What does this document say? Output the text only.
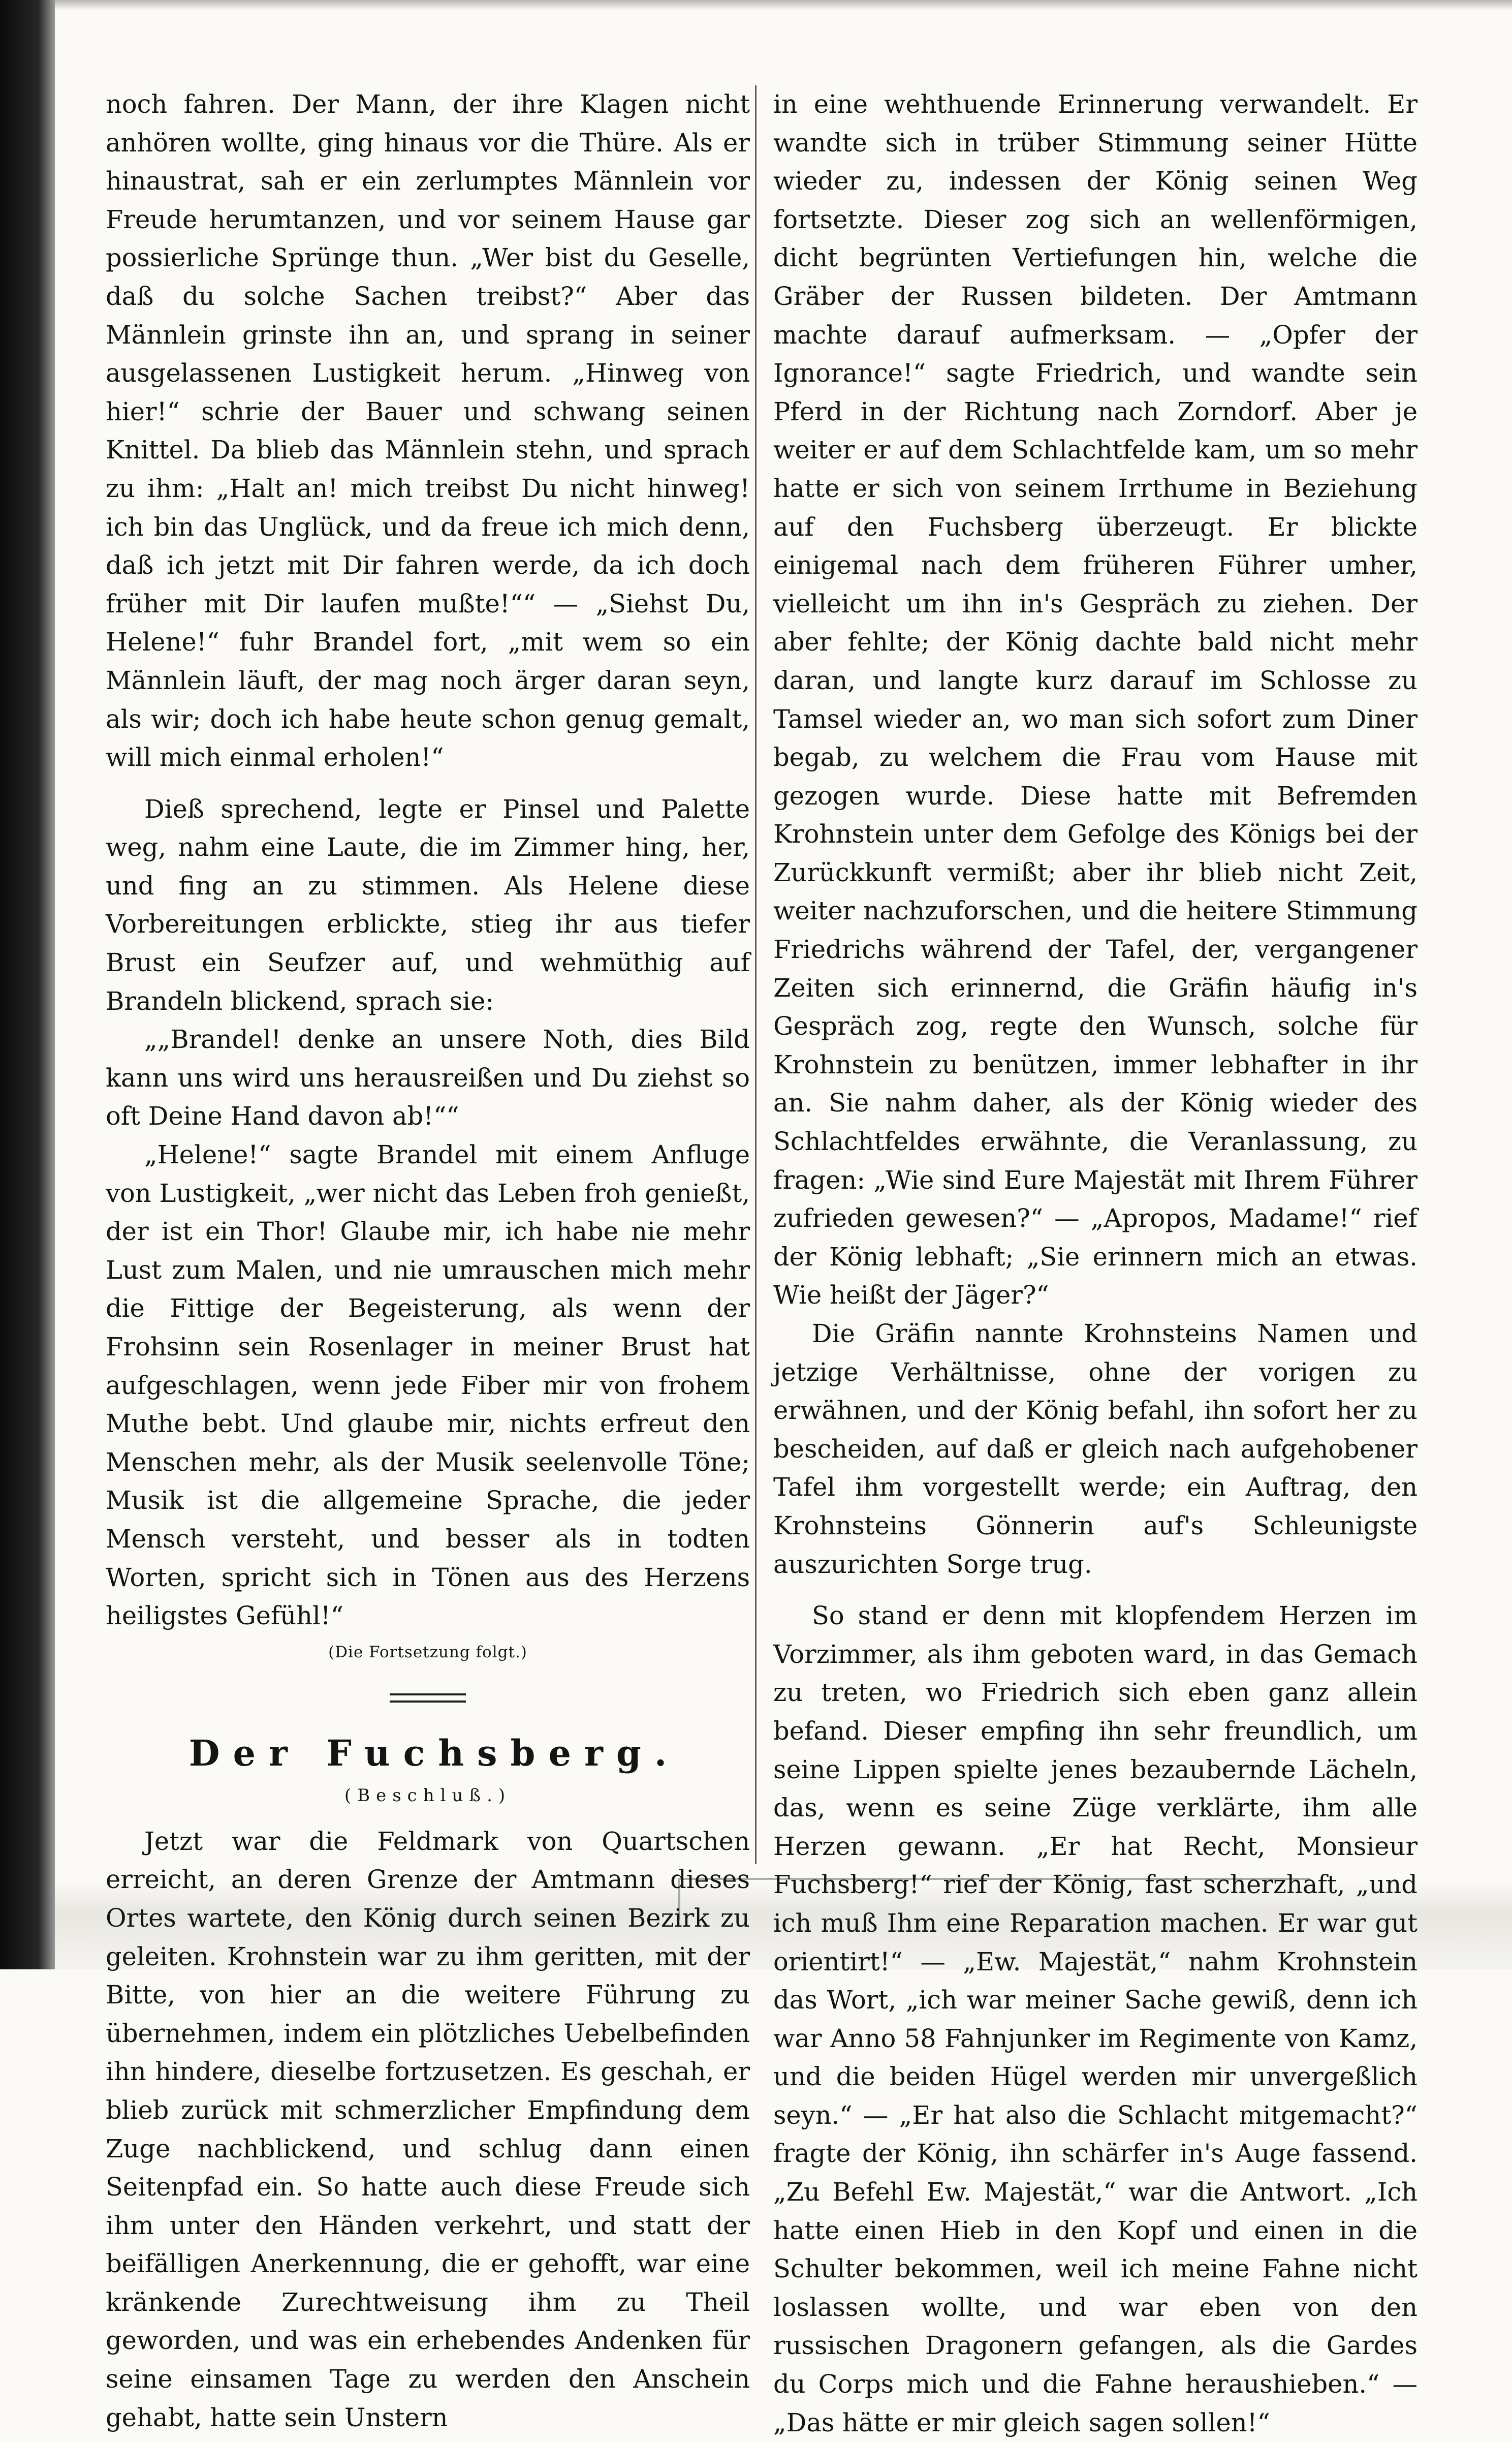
noch fahren. Der Mann, der ihre Klagen nicht anhören wollte, ging hinaus vor die Thüre. Als er hinaustrat, sah er ein zerlumptes Männlein vor Freude herumtanzen, und vor seinem Hause gar possierliche Sprünge thun. „Wer bist du Geselle, daß du solche Sachen treibst?“ Aber das Männlein grinste ihn an, und sprang in seiner ausgelassenen Lustigkeit herum. „Hinweg von hier!“ schrie der Bauer und schwang seinen Knittel. Da blieb das Männlein stehn, und sprach zu ihm: „Halt an! mich treibst Du nicht hinweg! ich bin das Unglück, und da freue ich mich denn, daß ich jetzt mit Dir fahren werde, da ich doch früher mit Dir laufen mußte!““ — „Siehst Du, Helene!“ fuhr Brandel fort, „mit wem so ein Männlein läuft, der mag noch ärger daran seyn, als wir; doch ich habe heute schon genug gemalt, will mich einmal erholen!“

Dieß sprechend, legte er Pinsel und Palette weg, nahm eine Laute, die im Zimmer hing, her, und fing an zu stimmen. Als Helene diese Vorbereitungen erblickte, stieg ihr aus tiefer Brust ein Seufzer auf, und wehmüthig auf Brandeln blickend, sprach sie:

„„Brandel! denke an unsere Noth, dies Bild kann uns wird uns herausreißen und Du ziehst so oft Deine Hand davon ab!““

„Helene!“ sagte Brandel mit einem Anfluge von Lustigkeit, „wer nicht das Leben froh genießt, der ist ein Thor! Glaube mir, ich habe nie mehr Lust zum Malen, und nie umrauschen mich mehr die Fittige der Begeisterung, als wenn der Frohsinn sein Rosenlager in meiner Brust hat aufgeschlagen, wenn jede Fiber mir von frohem Muthe bebt. Und glaube mir, nichts erfreut den Menschen mehr, als der Musik seelenvolle Töne; Musik ist die allgemeine Sprache, die jeder Mensch versteht, und besser als in todten Worten, spricht sich in Tönen aus des Herzens heiligstes Gefühl!“

(Die Fortsetzung folgt.)

Der Fuchsberg.
(Beschluß.)

Jetzt war die Feldmark von Quartschen erreicht, an deren Grenze der Amtmann dieses Ortes wartete, den König durch seinen Bezirk zu geleiten. Krohnstein war zu ihm geritten, mit der Bitte, von hier an die weitere Führung zu übernehmen, indem ein plötzliches Uebelbefinden ihn hindere, dieselbe fortzusetzen. Es geschah, er blieb zurück mit schmerzlicher Empfindung dem Zuge nachblickend, und schlug dann einen Seitenpfad ein. So hatte auch diese Freude sich ihm unter den Händen verkehrt, und statt der beifälligen Anerkennung, die er gehofft, war eine kränkende Zurechtweisung ihm zu Theil geworden, und was ein erhebendes Andenken für seine einsamen Tage zu werden den Anschein gehabt, hatte sein Unstern

in eine wehthuende Erinnerung verwandelt. Er wandte sich in trüber Stimmung seiner Hütte wieder zu, indessen der König seinen Weg fortsetzte. Dieser zog sich an wellenförmigen, dicht begrünten Vertiefungen hin, welche die Gräber der Russen bildeten. Der Amtmann machte darauf aufmerksam. — „Opfer der Ignorance!“ sagte Friedrich, und wandte sein Pferd in der Richtung nach Zorndorf. Aber je weiter er auf dem Schlachtfelde kam, um so mehr hatte er sich von seinem Irrthume in Beziehung auf den Fuchsberg überzeugt. Er blickte einigemal nach dem früheren Führer umher, vielleicht um ihn in's Gespräch zu ziehen. Der aber fehlte; der König dachte bald nicht mehr daran, und langte kurz darauf im Schlosse zu Tamsel wieder an, wo man sich sofort zum Diner begab, zu welchem die Frau vom Hause mit gezogen wurde. Diese hatte mit Befremden Krohnstein unter dem Gefolge des Königs bei der Zurückkunft vermißt; aber ihr blieb nicht Zeit, weiter nachzuforschen, und die heitere Stimmung Friedrichs während der Tafel, der, vergangener Zeiten sich erinnernd, die Gräfin häufig in's Gespräch zog, regte den Wunsch, solche für Krohnstein zu benützen, immer lebhafter in ihr an. Sie nahm daher, als der König wieder des Schlachtfeldes erwähnte, die Veranlassung, zu fragen: „Wie sind Eure Majestät mit Ihrem Führer zufrieden gewesen?“ — „Apropos, Madame!“ rief der König lebhaft; „Sie erinnern mich an etwas. Wie heißt der Jäger?“

Die Gräfin nannte Krohnsteins Namen und jetzige Verhältnisse, ohne der vorigen zu erwähnen, und der König befahl, ihn sofort her zu bescheiden, auf daß er gleich nach aufgehobener Tafel ihm vorgestellt werde; ein Auftrag, den Krohnsteins Gönnerin auf's Schleunigste auszurichten Sorge trug.

So stand er denn mit klopfendem Herzen im Vorzimmer, als ihm geboten ward, in das Gemach zu treten, wo Friedrich sich eben ganz allein befand. Dieser empfing ihn sehr freundlich, um seine Lippen spielte jenes bezaubernde Lächeln, das, wenn es seine Züge verklärte, ihm alle Herzen gewann. „Er hat Recht, Monsieur Fuchsberg!“ rief der König, fast scherzhaft, „und ich muß Ihm eine Reparation machen. Er war gut orientirt!“ — „Ew. Majestät,“ nahm Krohnstein das Wort, „ich war meiner Sache gewiß, denn ich war Anno 58 Fahnjunker im Regimente von Kamz, und die beiden Hügel werden mir unvergeßlich seyn.“ — „Er hat also die Schlacht mitgemacht?“ fragte der König, ihn schärfer in's Auge fassend. „Zu Befehl Ew. Majestät,“ war die Antwort. „Ich hatte einen Hieb in den Kopf und einen in die Schulter bekommen, weil ich meine Fahne nicht loslassen wollte, und war eben von den russischen Dragonern gefangen, als die Gardes du Corps mich und die Fahne heraushieben.“ — „Das hätte er mir gleich sagen sollen!“
